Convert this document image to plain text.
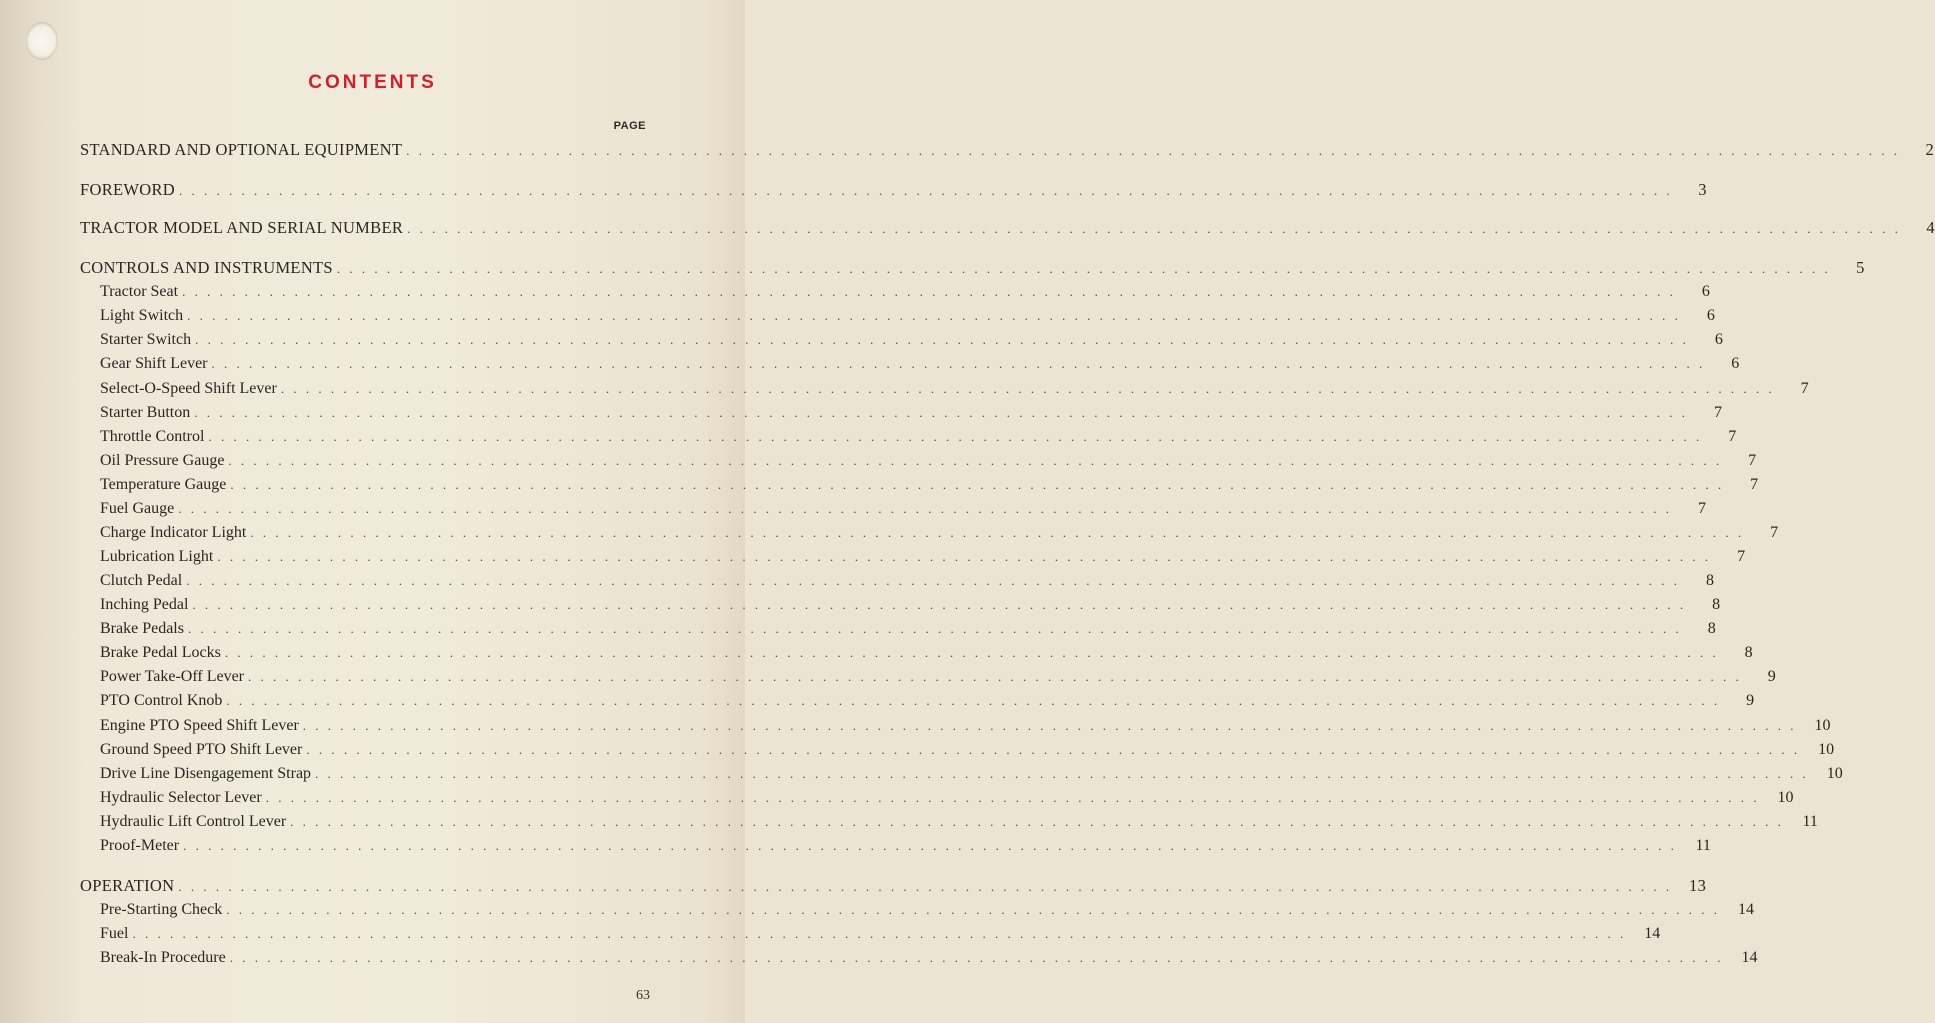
CONTENTS
PAGE
STANDARD AND OPTIONAL EQUIPMENT . . . . . . . . . . . . . . . . . . . . . . . . . . . . . . . . . . . . . . . . . . . . . . . . . . . . . . . . . . . . . . . . . . . . . . . . . . . . . . . . . . . . . . . . . . . . . . . . . . . . . . . . . . . . . . . . . . . . . . . .	2
FOREWORD . . . . . . . . . . . . . . . . . . . . . . . . . . . . . . . . . . . . . . . . . . . . . . . . . . . . . . . . . . . . . . . . . . . . . . . . . . . . . . . . . . . . . . . . . . . . . . . . . . . . . . . . . . . . . . . . . . . . . . . .	3
TRACTOR MODEL AND SERIAL NUMBER . . . . . . . . . . . . . . . . . . . . . . . . . . . . . . . . . . . . . . . . . . . . . . . . . . . . . . . . . . . . . . . . . . . . . . . . . . . . . . . . . . . . . . . . . . . . . . . . . . . . . . . . . . . . . . . . . . . . . . . .	4
CONTROLS AND INSTRUMENTS . . . . . . . . . . . . . . . . . . . . . . . . . . . . . . . . . . . . . . . . . . . . . . . . . . . . . . . . . . . . . . . . . . . . . . . . . . . . . . . . . . . . . . . . . . . . . . . . . . . . . . . . . . . . . . . . . . . . . . . .	5
Tractor Seat . . . . . . . . . . . . . . . . . . . . . . . . . . . . . . . . . . . . . . . . . . . . . . . . . . . . . . . . . . . . . . . . . . . . . . . . . . . . . . . . . . . . . . . . . . . . . . . . . . . . . . . . . . . . . . . . . . . . . . . .	6
Light Switch . . . . . . . . . . . . . . . . . . . . . . . . . . . . . . . . . . . . . . . . . . . . . . . . . . . . . . . . . . . . . . . . . . . . . . . . . . . . . . . . . . . . . . . . . . . . . . . . . . . . . . . . . . . . . . . . . . . . . . . .	6
Starter Switch . . . . . . . . . . . . . . . . . . . . . . . . . . . . . . . . . . . . . . . . . . . . . . . . . . . . . . . . . . . . . . . . . . . . . . . . . . . . . . . . . . . . . . . . . . . . . . . . . . . . . . . . . . . . . . . . . . . . . . . .	6
Gear Shift Lever . . . . . . . . . . . . . . . . . . . . . . . . . . . . . . . . . . . . . . . . . . . . . . . . . . . . . . . . . . . . . . . . . . . . . . . . . . . . . . . . . . . . . . . . . . . . . . . . . . . . . . . . . . . . . . . . . . . . . . . .	6
Select-O-Speed Shift Lever . . . . . . . . . . . . . . . . . . . . . . . . . . . . . . . . . . . . . . . . . . . . . . . . . . . . . . . . . . . . . . . . . . . . . . . . . . . . . . . . . . . . . . . . . . . . . . . . . . . . . . . . . . . . . . . . . . . . . . . .	7
Starter Button . . . . . . . . . . . . . . . . . . . . . . . . . . . . . . . . . . . . . . . . . . . . . . . . . . . . . . . . . . . . . . . . . . . . . . . . . . . . . . . . . . . . . . . . . . . . . . . . . . . . . . . . . . . . . . . . . . . . . . . .	7
Throttle Control . . . . . . . . . . . . . . . . . . . . . . . . . . . . . . . . . . . . . . . . . . . . . . . . . . . . . . . . . . . . . . . . . . . . . . . . . . . . . . . . . . . . . . . . . . . . . . . . . . . . . . . . . . . . . . . . . . . . . . . .	7
Oil Pressure Gauge . . . . . . . . . . . . . . . . . . . . . . . . . . . . . . . . . . . . . . . . . . . . . . . . . . . . . . . . . . . . . . . . . . . . . . . . . . . . . . . . . . . . . . . . . . . . . . . . . . . . . . . . . . . . . . . . . . . . . . . .	7
Temperature Gauge . . . . . . . . . . . . . . . . . . . . . . . . . . . . . . . . . . . . . . . . . . . . . . . . . . . . . . . . . . . . . . . . . . . . . . . . . . . . . . . . . . . . . . . . . . . . . . . . . . . . . . . . . . . . . . . . . . . . . . . .	7
Fuel Gauge . . . . . . . . . . . . . . . . . . . . . . . . . . . . . . . . . . . . . . . . . . . . . . . . . . . . . . . . . . . . . . . . . . . . . . . . . . . . . . . . . . . . . . . . . . . . . . . . . . . . . . . . . . . . . . . . . . . . . . . .	7
Charge Indicator Light . . . . . . . . . . . . . . . . . . . . . . . . . . . . . . . . . . . . . . . . . . . . . . . . . . . . . . . . . . . . . . . . . . . . . . . . . . . . . . . . . . . . . . . . . . . . . . . . . . . . . . . . . . . . . . . . . . . . . . . .	7
Lubrication Light . . . . . . . . . . . . . . . . . . . . . . . . . . . . . . . . . . . . . . . . . . . . . . . . . . . . . . . . . . . . . . . . . . . . . . . . . . . . . . . . . . . . . . . . . . . . . . . . . . . . . . . . . . . . . . . . . . . . . . . .	7
Clutch Pedal . . . . . . . . . . . . . . . . . . . . . . . . . . . . . . . . . . . . . . . . . . . . . . . . . . . . . . . . . . . . . . . . . . . . . . . . . . . . . . . . . . . . . . . . . . . . . . . . . . . . . . . . . . . . . . . . . . . . . . . .	8
Inching Pedal . . . . . . . . . . . . . . . . . . . . . . . . . . . . . . . . . . . . . . . . . . . . . . . . . . . . . . . . . . . . . . . . . . . . . . . . . . . . . . . . . . . . . . . . . . . . . . . . . . . . . . . . . . . . . . . . . . . . . . . .	8
Brake Pedals . . . . . . . . . . . . . . . . . . . . . . . . . . . . . . . . . . . . . . . . . . . . . . . . . . . . . . . . . . . . . . . . . . . . . . . . . . . . . . . . . . . . . . . . . . . . . . . . . . . . . . . . . . . . . . . . . . . . . . . .	8
Brake Pedal Locks . . . . . . . . . . . . . . . . . . . . . . . . . . . . . . . . . . . . . . . . . . . . . . . . . . . . . . . . . . . . . . . . . . . . . . . . . . . . . . . . . . . . . . . . . . . . . . . . . . . . . . . . . . . . . . . . . . . . . . . .	8
Power Take-Off Lever . . . . . . . . . . . . . . . . . . . . . . . . . . . . . . . . . . . . . . . . . . . . . . . . . . . . . . . . . . . . . . . . . . . . . . . . . . . . . . . . . . . . . . . . . . . . . . . . . . . . . . . . . . . . . . . . . . . . . . . .	9
PTO Control Knob . . . . . . . . . . . . . . . . . . . . . . . . . . . . . . . . . . . . . . . . . . . . . . . . . . . . . . . . . . . . . . . . . . . . . . . . . . . . . . . . . . . . . . . . . . . . . . . . . . . . . . . . . . . . . . . . . . . . . . . .	9
Engine PTO Speed Shift Lever . . . . . . . . . . . . . . . . . . . . . . . . . . . . . . . . . . . . . . . . . . . . . . . . . . . . . . . . . . . . . . . . . . . . . . . . . . . . . . . . . . . . . . . . . . . . . . . . . . . . . . . . . . . . . . . . . . . . . . . .	10
Ground Speed PTO Shift Lever . . . . . . . . . . . . . . . . . . . . . . . . . . . . . . . . . . . . . . . . . . . . . . . . . . . . . . . . . . . . . . . . . . . . . . . . . . . . . . . . . . . . . . . . . . . . . . . . . . . . . . . . . . . . . . . . . . . . . . . .	10
Drive Line Disengagement Strap . . . . . . . . . . . . . . . . . . . . . . . . . . . . . . . . . . . . . . . . . . . . . . . . . . . . . . . . . . . . . . . . . . . . . . . . . . . . . . . . . . . . . . . . . . . . . . . . . . . . . . . . . . . . . . . . . . . . . . . .	10
Hydraulic Selector Lever . . . . . . . . . . . . . . . . . . . . . . . . . . . . . . . . . . . . . . . . . . . . . . . . . . . . . . . . . . . . . . . . . . . . . . . . . . . . . . . . . . . . . . . . . . . . . . . . . . . . . . . . . . . . . . . . . . . . . . . .	10
Hydraulic Lift Control Lever . . . . . . . . . . . . . . . . . . . . . . . . . . . . . . . . . . . . . . . . . . . . . . . . . . . . . . . . . . . . . . . . . . . . . . . . . . . . . . . . . . . . . . . . . . . . . . . . . . . . . . . . . . . . . . . . . . . . . . . .	11
Proof-Meter . . . . . . . . . . . . . . . . . . . . . . . . . . . . . . . . . . . . . . . . . . . . . . . . . . . . . . . . . . . . . . . . . . . . . . . . . . . . . . . . . . . . . . . . . . . . . . . . . . . . . . . . . . . . . . . . . . . . . . . .	11
OPERATION . . . . . . . . . . . . . . . . . . . . . . . . . . . . . . . . . . . . . . . . . . . . . . . . . . . . . . . . . . . . . . . . . . . . . . . . . . . . . . . . . . . . . . . . . . . . . . . . . . . . . . . . . . . . . . . . . . . . . . . .	13
Pre-Starting Check . . . . . . . . . . . . . . . . . . . . . . . . . . . . . . . . . . . . . . . . . . . . . . . . . . . . . . . . . . . . . . . . . . . . . . . . . . . . . . . . . . . . . . . . . . . . . . . . . . . . . . . . . . . . . . . . . . . . . . . .	14
Fuel . . . . . . . . . . . . . . . . . . . . . . . . . . . . . . . . . . . . . . . . . . . . . . . . . . . . . . . . . . . . . . . . . . . . . . . . . . . . . . . . . . . . . . . . . . . . . . . . . . . . . . . . . . . . . . . . . . . . . . . .	14
Break-In Procedure . . . . . . . . . . . . . . . . . . . . . . . . . . . . . . . . . . . . . . . . . . . . . . . . . . . . . . . . . . . . . . . . . . . . . . . . . . . . . . . . . . . . . . . . . . . . . . . . . . . . . . . . . . . . . . . . . . . . . . . .	14
63
